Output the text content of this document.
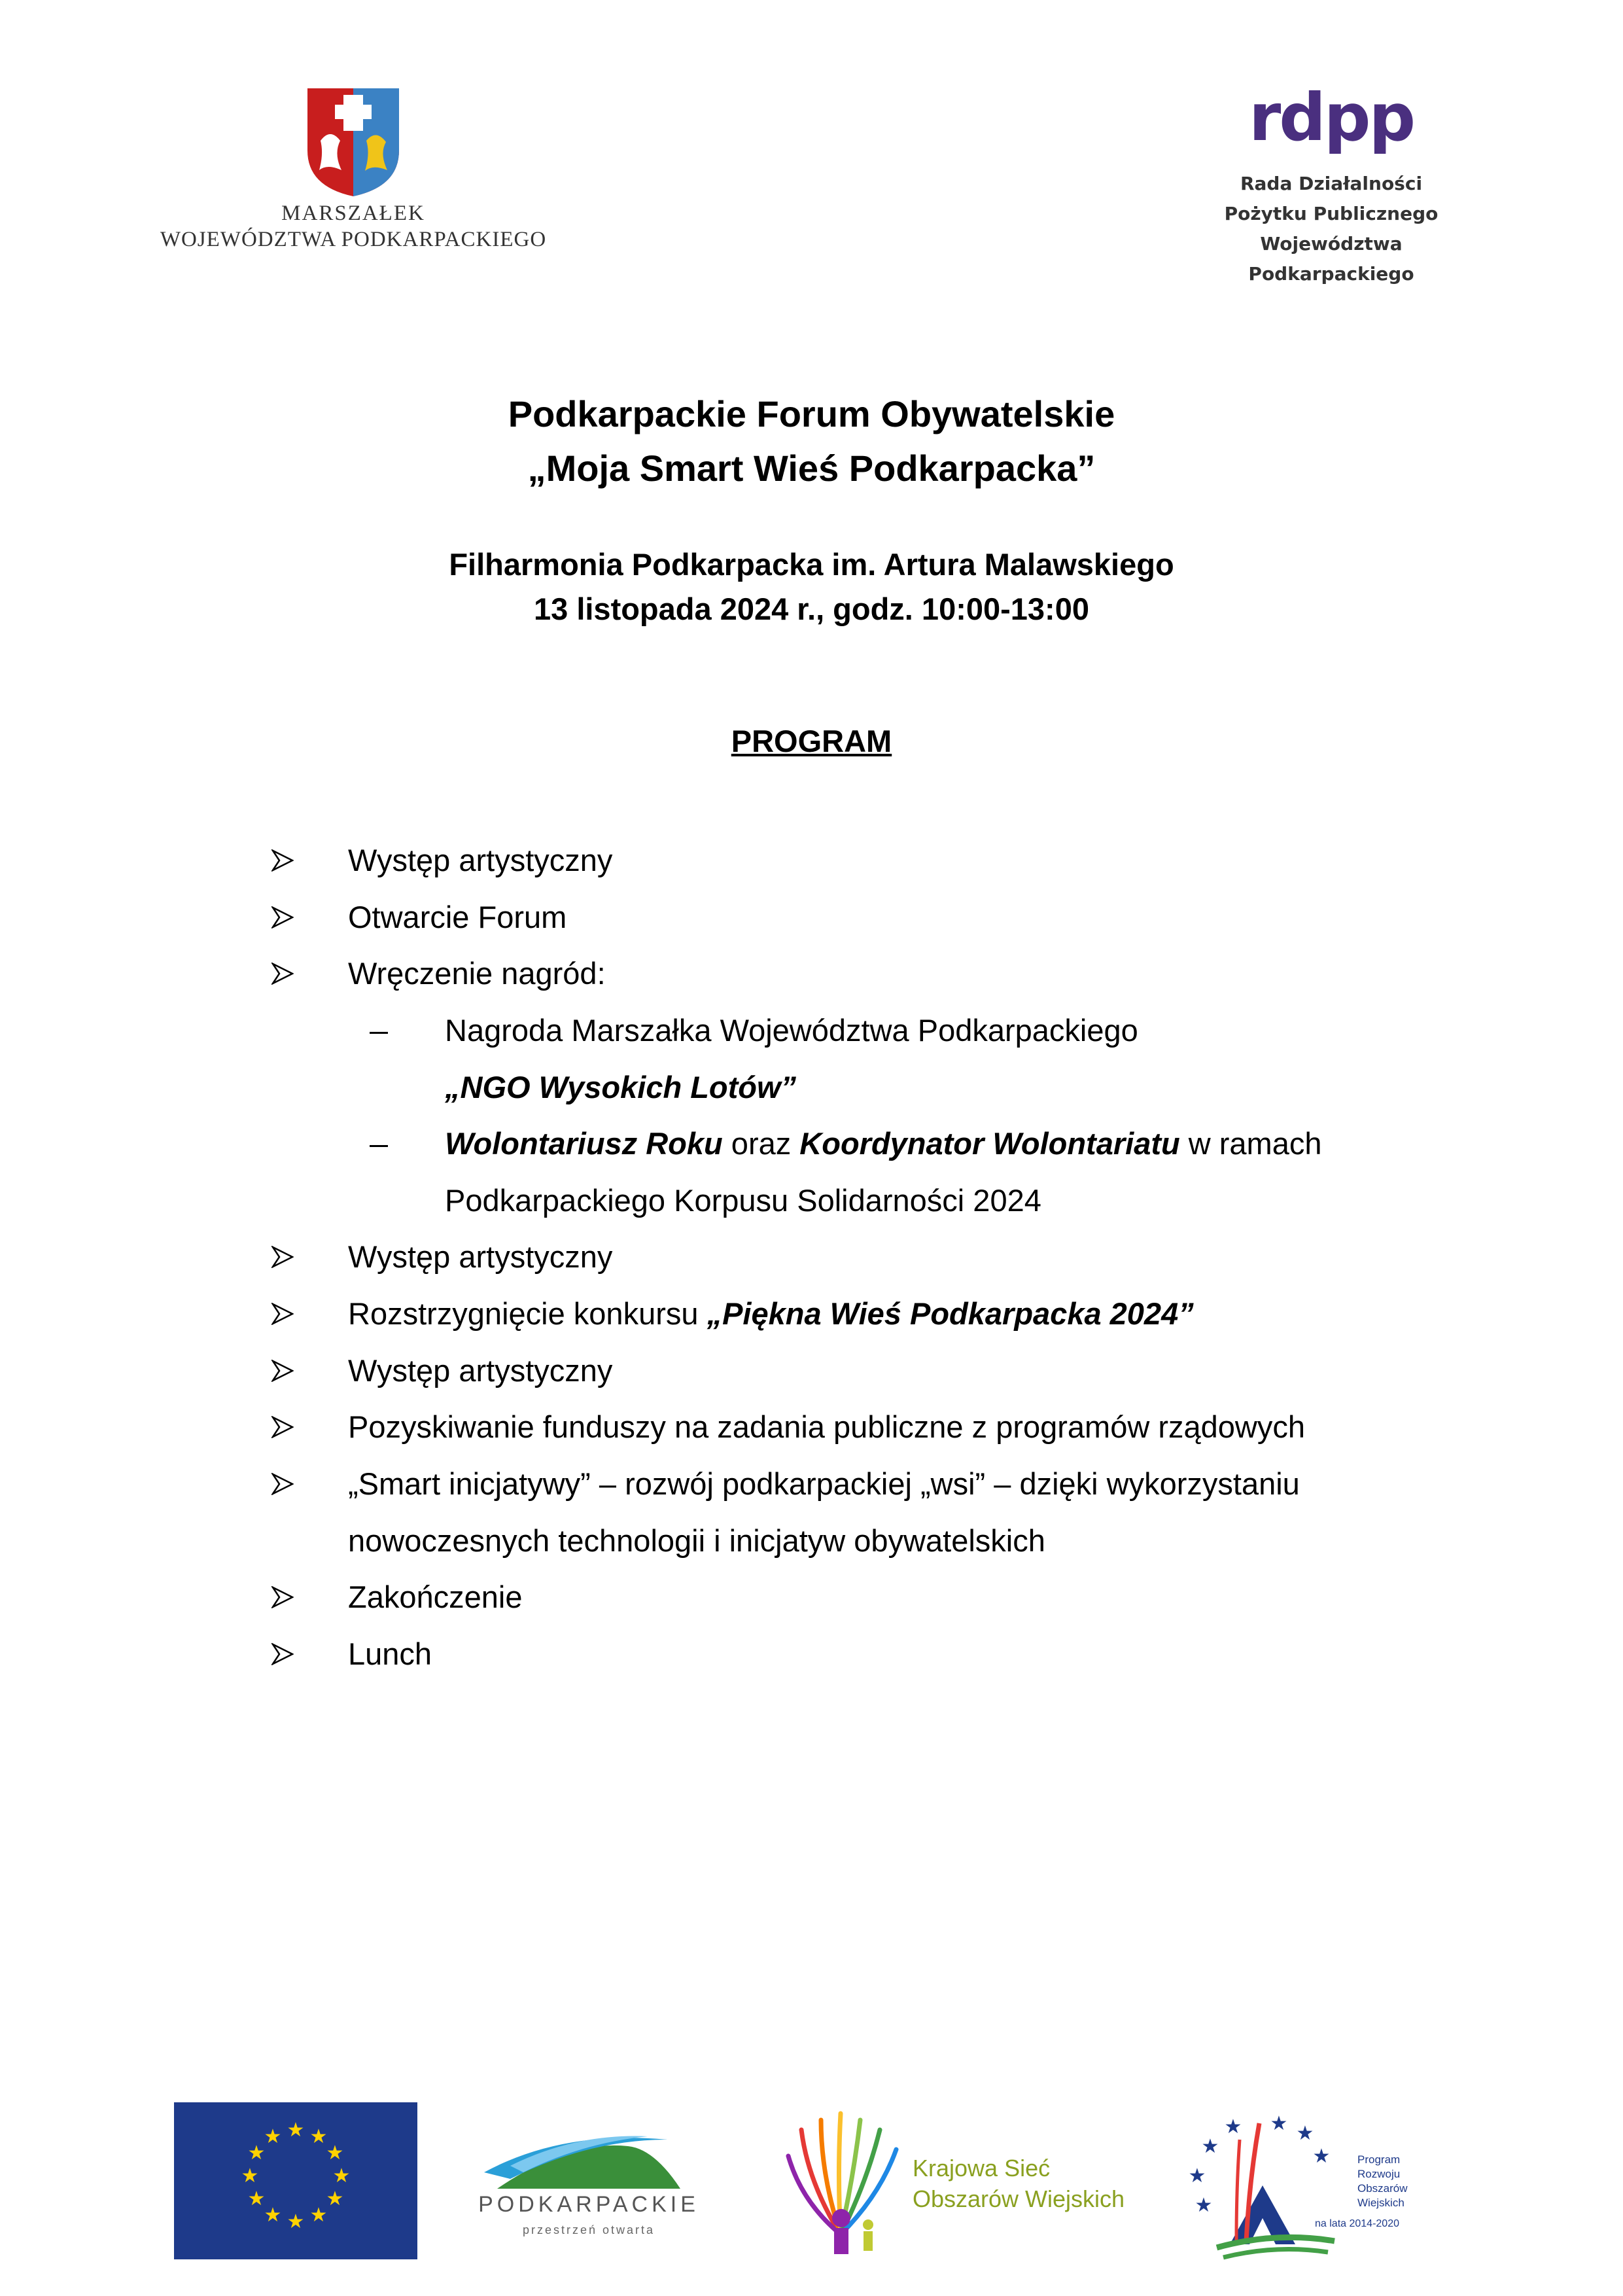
MARSZAŁEK
WOJEWÓDZTWA PODKARPACKIEGO
rdpp
Rada Działalności
Pożytku Publicznego
Województwa
Podkarpackiego
Podkarpackie Forum Obywatelskie
„Moja Smart Wieś Podkarpacka”
Filharmonia Podkarpacka im. Artura Malawskiego
13 listopada 2024 r., godz. 10:00-13:00
PROGRAM
Występ artystyczny
Otwarcie Forum
Wręczenie nagród:
Nagroda Marszałka Województwa Podkarpackiego
„NGO Wysokich Lotów”
Wolontariusz Roku oraz Koordynator Wolontariatu w ramach
Podkarpackiego Korpusu Solidarności 2024
Występ artystyczny
Rozstrzygnięcie konkursu „Piękna Wieś Podkarpacka 2024”
Występ artystyczny
Pozyskiwanie funduszy na zadania publiczne z programów rządowych
„Smart inicjatywy” – rozwój podkarpackiej „wsi” – dzięki wykorzystaniu
nowoczesnych technologii i inicjatyw obywatelskich
Zakończenie
Lunch
★ ★
★
★
★
★
★
★
★
★
★
★
PODKARPACKIE
przestrzeń otwarta
Krajowa Sieć
Obszarów Wiejskich
★
★
★
★ ★ ★
★ Program
Rozwoju
Obszarów
Wiejskich
na lata 2014-2020
